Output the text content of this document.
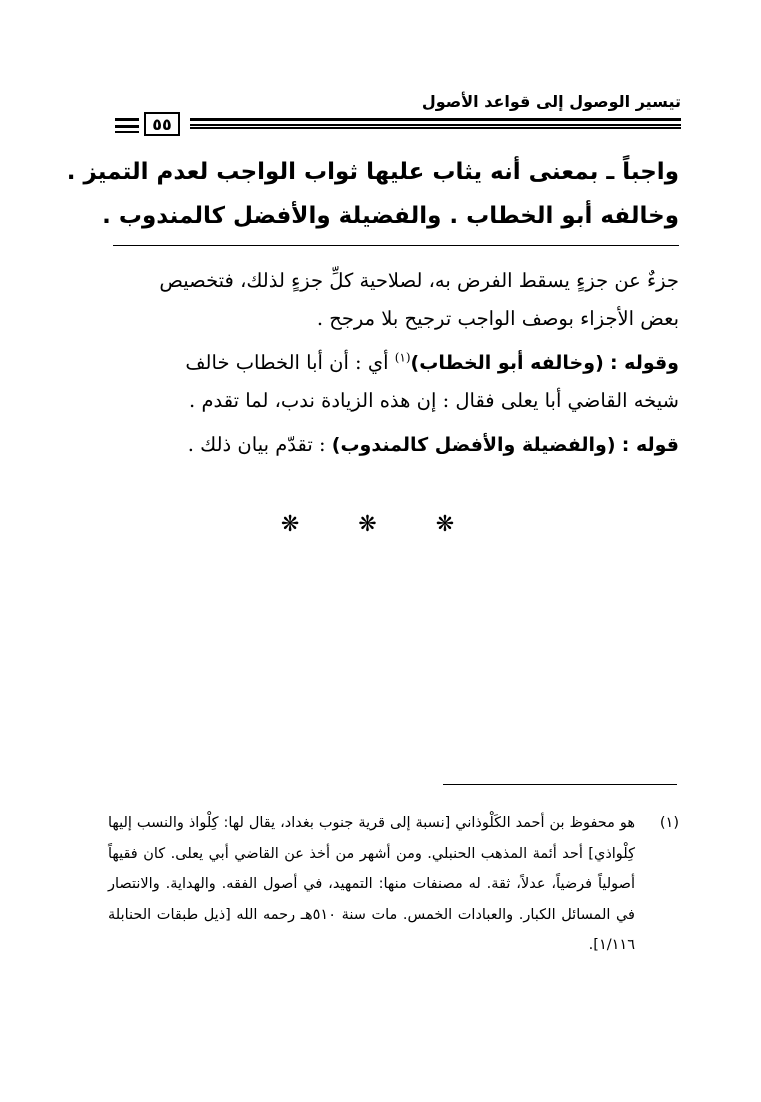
تيسير الوصول إلى قواعد الأصول
٥٥

واجباً ـ بمعنى أنه يثاب عليها ثواب الواجب لعدم التميز .

وخالفه أبو الخطاب . والفضيلة والأفضل كالمندوب .

جزءٌ عن جزءٍ يسقط الفرض به، لصلاحية كلِّ جزءٍ لذلك، فتخصيص

بعض الأجزاء بوصف الواجب ترجيح بلا مرجح .

وقوله : (وخالفه أبو الخطاب)$^{(١)}$ أي : أن أبا الخطاب خالف

شيخه القاضي أبا يعلى فقال : إن هذه الزيادة ندب، لما تقدم .

قوله : (والفضيلة والأفضل كالمندوب) : تقدّم بيان ذلك .

❋ ❋ ❋
(١)
هو محفوظ بن أحمد الكَلْوذاني [نسبة إلى قرية جنوب بغداد، يقال لها: كِلْواذ والنسب إليها كِلْواذي] أحد أئمة المذهب الحنبلي. ومن أشهر من أخذ عن القاضي أبي يعلى. كان فقيهاً أصولياً فرضياً، عدلاً، ثقة. له مصنفات منها: التمهيد، في أصول الفقه. والهداية. والانتصار في المسائل الكبار. والعبادات الخمس. مات سنة ٥١٠هـ رحمه الله [ذيل طبقات الحنابلة ١/١١٦].
